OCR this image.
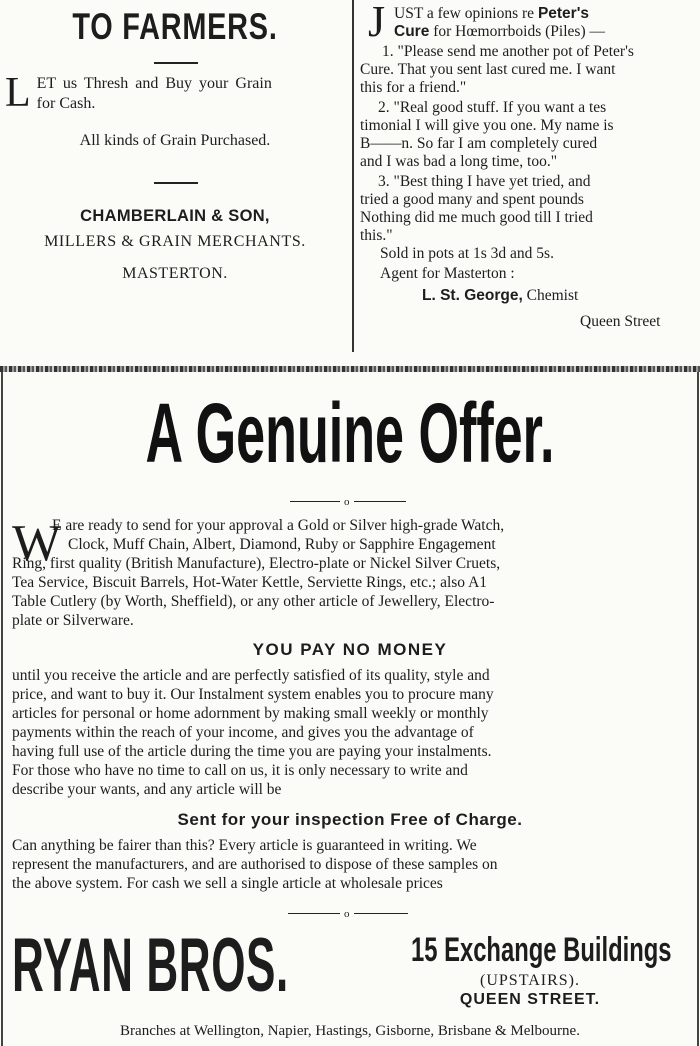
TO FARMERS.
L ET us Thresh and Buy your Grain
for Cash.
All kinds of Grain Purchased.
CHAMBERLAIN & SON,
MILLERS & GRAIN MERCHANTS.
MASTERTON.
J UST a few opinions re Peter's
Cure for Hœmorrboids (Piles) —
1. "Please send me another pot of Peter's
Cure. That you sent last cured me. I want
this for a friend."
2. "Real good stuff. If you want a tes
timonial I will give you one. My name is
B——n. So far I am completely cured
and I was bad a long time, too."
3. "Best thing I have yet tried, and
tried a good many and spent pounds
Nothing did me much good till I tried
this."
Sold in pots at 1s 3d and 5s.
Agent for Masterton :
L. St. George, Chemist
Queen Street
A Genuine Offer.
o
W
E are ready to send for your approval a Gold or Silver high-grade Watch,
Clock, Muff Chain, Albert, Diamond, Ruby or Sapphire Engagement
Ring, first quality (British Manufacture), Electro-plate or Nickel Silver Cruets,
Tea Service, Biscuit Barrels, Hot-Water Kettle, Serviette Rings, etc.; also A1
Table Cutlery (by Worth, Sheffield), or any other article of Jewellery, Electro-
plate or Silverware.
YOU PAY NO MONEY
until you receive the article and are perfectly satisfied of its quality, style and
price, and want to buy it. Our Instalment system enables you to procure many
articles for personal or home adornment by making small weekly or monthly
payments within the reach of your income, and gives you the advantage of
having full use of the article during the time you are paying your instalments.
For those who have no time to call on us, it is only necessary to write and
describe your wants, and any article will be
Sent for your inspection Free of Charge.
Can anything be fairer than this? Every article is guaranteed in writing. We
represent the manufacturers, and are authorised to dispose of these samples on
the above system. For cash we sell a single article at wholesale prices
o
RYAN BROS.	15 Exchange Buildings
(UPSTAIRS).
QUEEN STREET.
Branches at Wellington, Napier, Hastings, Gisborne, Brisbane & Melbourne.
